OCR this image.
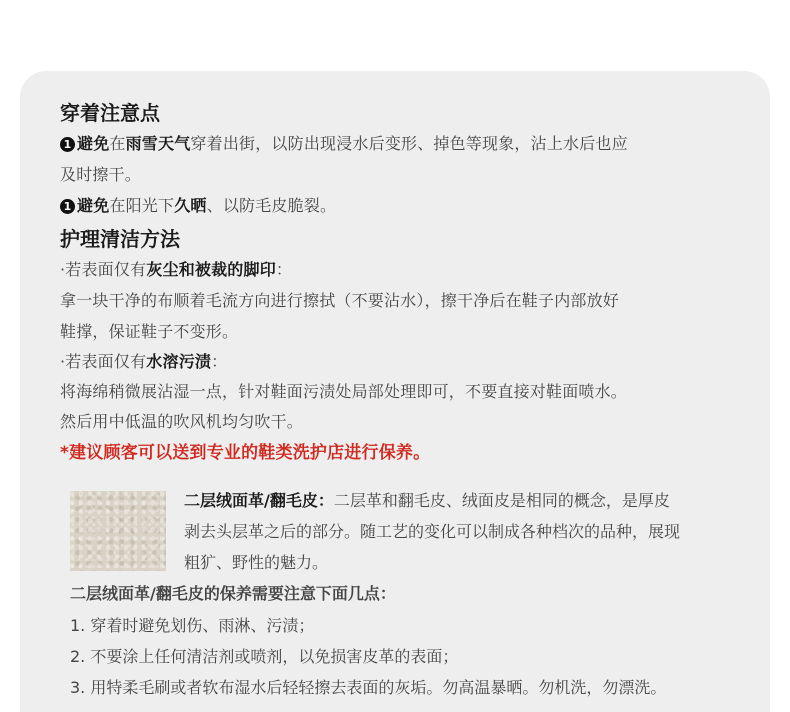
穿着注意点
1 避免在雨雪天气穿着出街，以防出现浸水后变形、掉色等现象，沾上水后也应
及时擦干。
1 避免在阳光下久晒、以防毛皮脆裂。
护理清洁方法
·若表面仅有灰尘和被裁的脚印：
拿一块干净的布顺着毛流方向进行擦拭（不要沾水），擦干净后在鞋子内部放好
鞋撑，保证鞋子不变形。
·若表面仅有水溶污渍：
将海绵稍微展沾湿一点，针对鞋面污渍处局部处理即可，不要直接对鞋面喷水。
然后用中低温的吹风机均匀吹干。
*建议顾客可以送到专业的鞋类洗护店进行保养。
二层绒面革/翻毛皮：二层革和翻毛皮、绒面皮是相同的概念，是厚皮
剥去头层革之后的部分。随工艺的变化可以制成各种档次的品种，展现
粗犷、野性的魅力。
二层绒面革/翻毛皮的保养需要注意下面几点：
1. 穿着时避免划伤、雨淋、污渍；
2. 不要涂上任何清洁剂或喷剂，以免损害皮革的表面；
3. 用特柔毛刷或者软布湿水后轻轻擦去表面的灰垢。勿高温暴晒。勿机洗，勿漂洗。
